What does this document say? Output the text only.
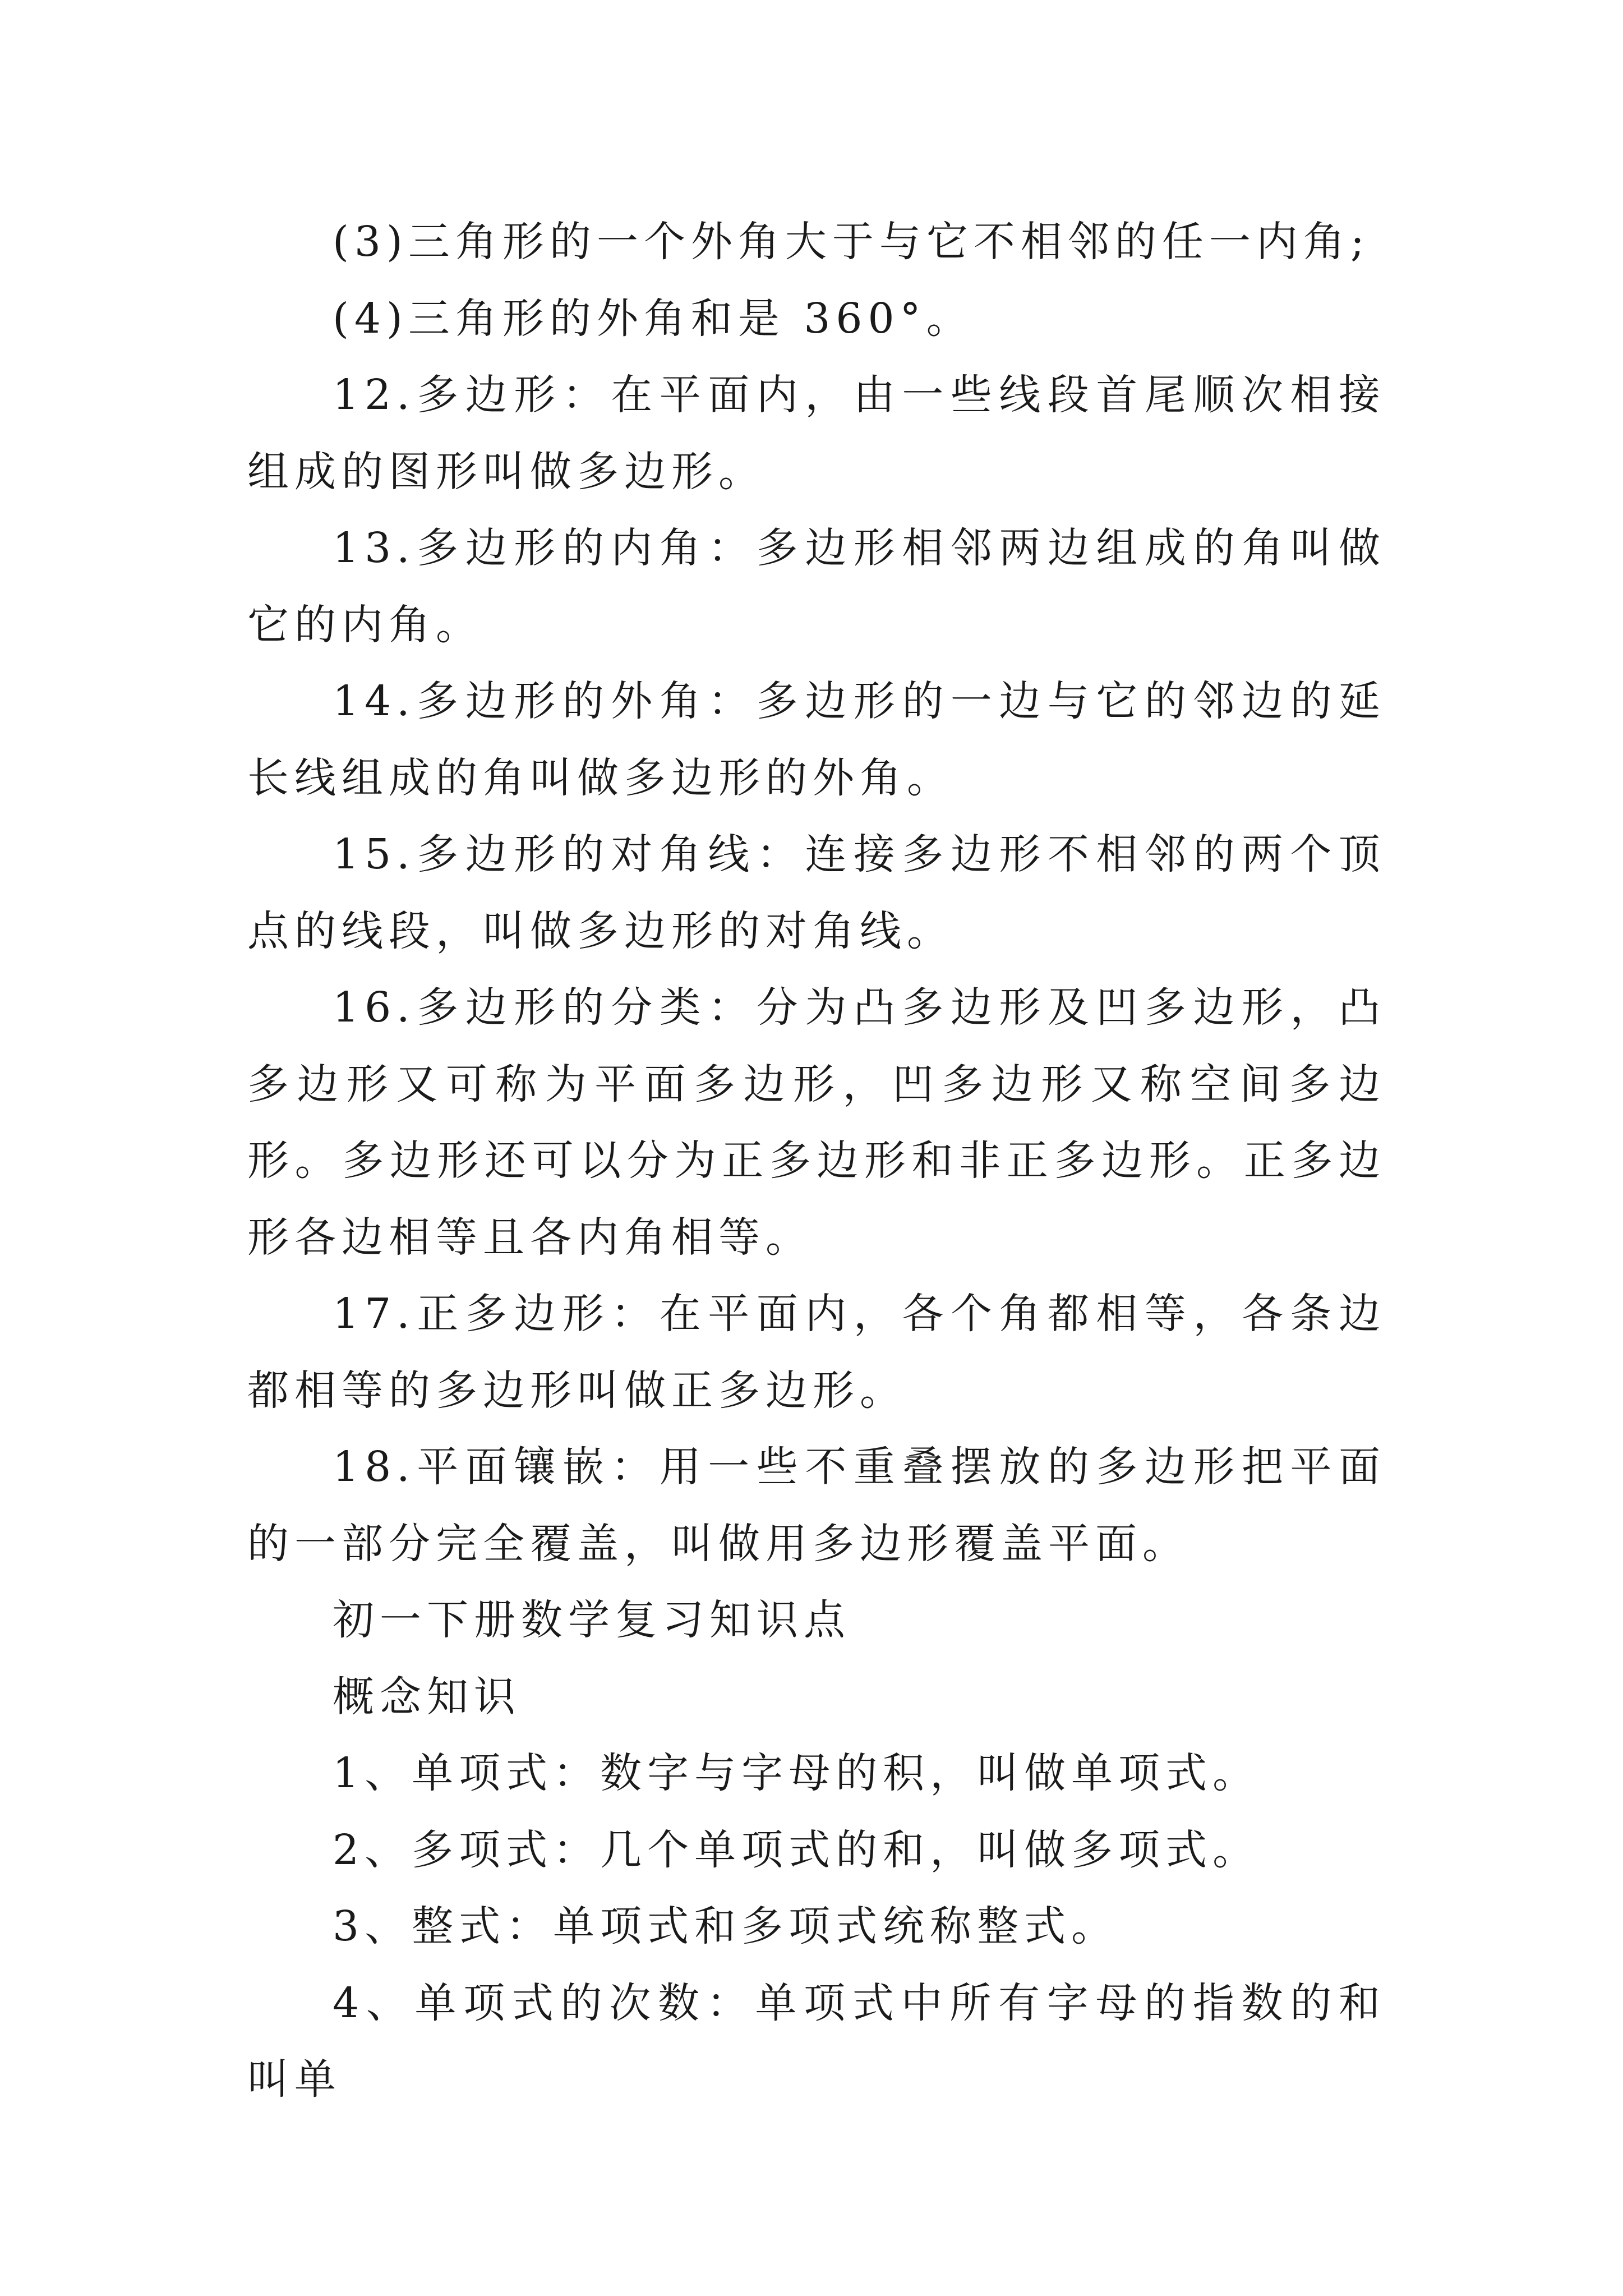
(3)三角形的一个外角大于与它不相邻的任一内角;

(4)三角形的外角和是 360°。

12.多边形：在平面内，由一些线段首尾顺次相接组成的图形叫做多边形。

13.多边形的内角：多边形相邻两边组成的角叫做它的内角。

14.多边形的外角：多边形的一边与它的邻边的延长线组成的角叫做多边形的外角。

15.多边形的对角线：连接多边形不相邻的两个顶点的线段，叫做多边形的对角线。

16.多边形的分类：分为凸多边形及凹多边形，凸多边形又可称为平面多边形，凹多边形又称空间多边形。多边形还可以分为正多边形和非正多边形。正多边形各边相等且各内角相等。

17.正多边形：在平面内，各个角都相等，各条边都相等的多边形叫做正多边形。

18.平面镶嵌：用一些不重叠摆放的多边形把平面的一部分完全覆盖，叫做用多边形覆盖平面。

初一下册数学复习知识点

概念知识

1、单项式：数字与字母的积，叫做单项式。

2、多项式：几个单项式的和，叫做多项式。

3、整式：单项式和多项式统称整式。

4、单项式的次数：单项式中所有字母的指数的和叫单
